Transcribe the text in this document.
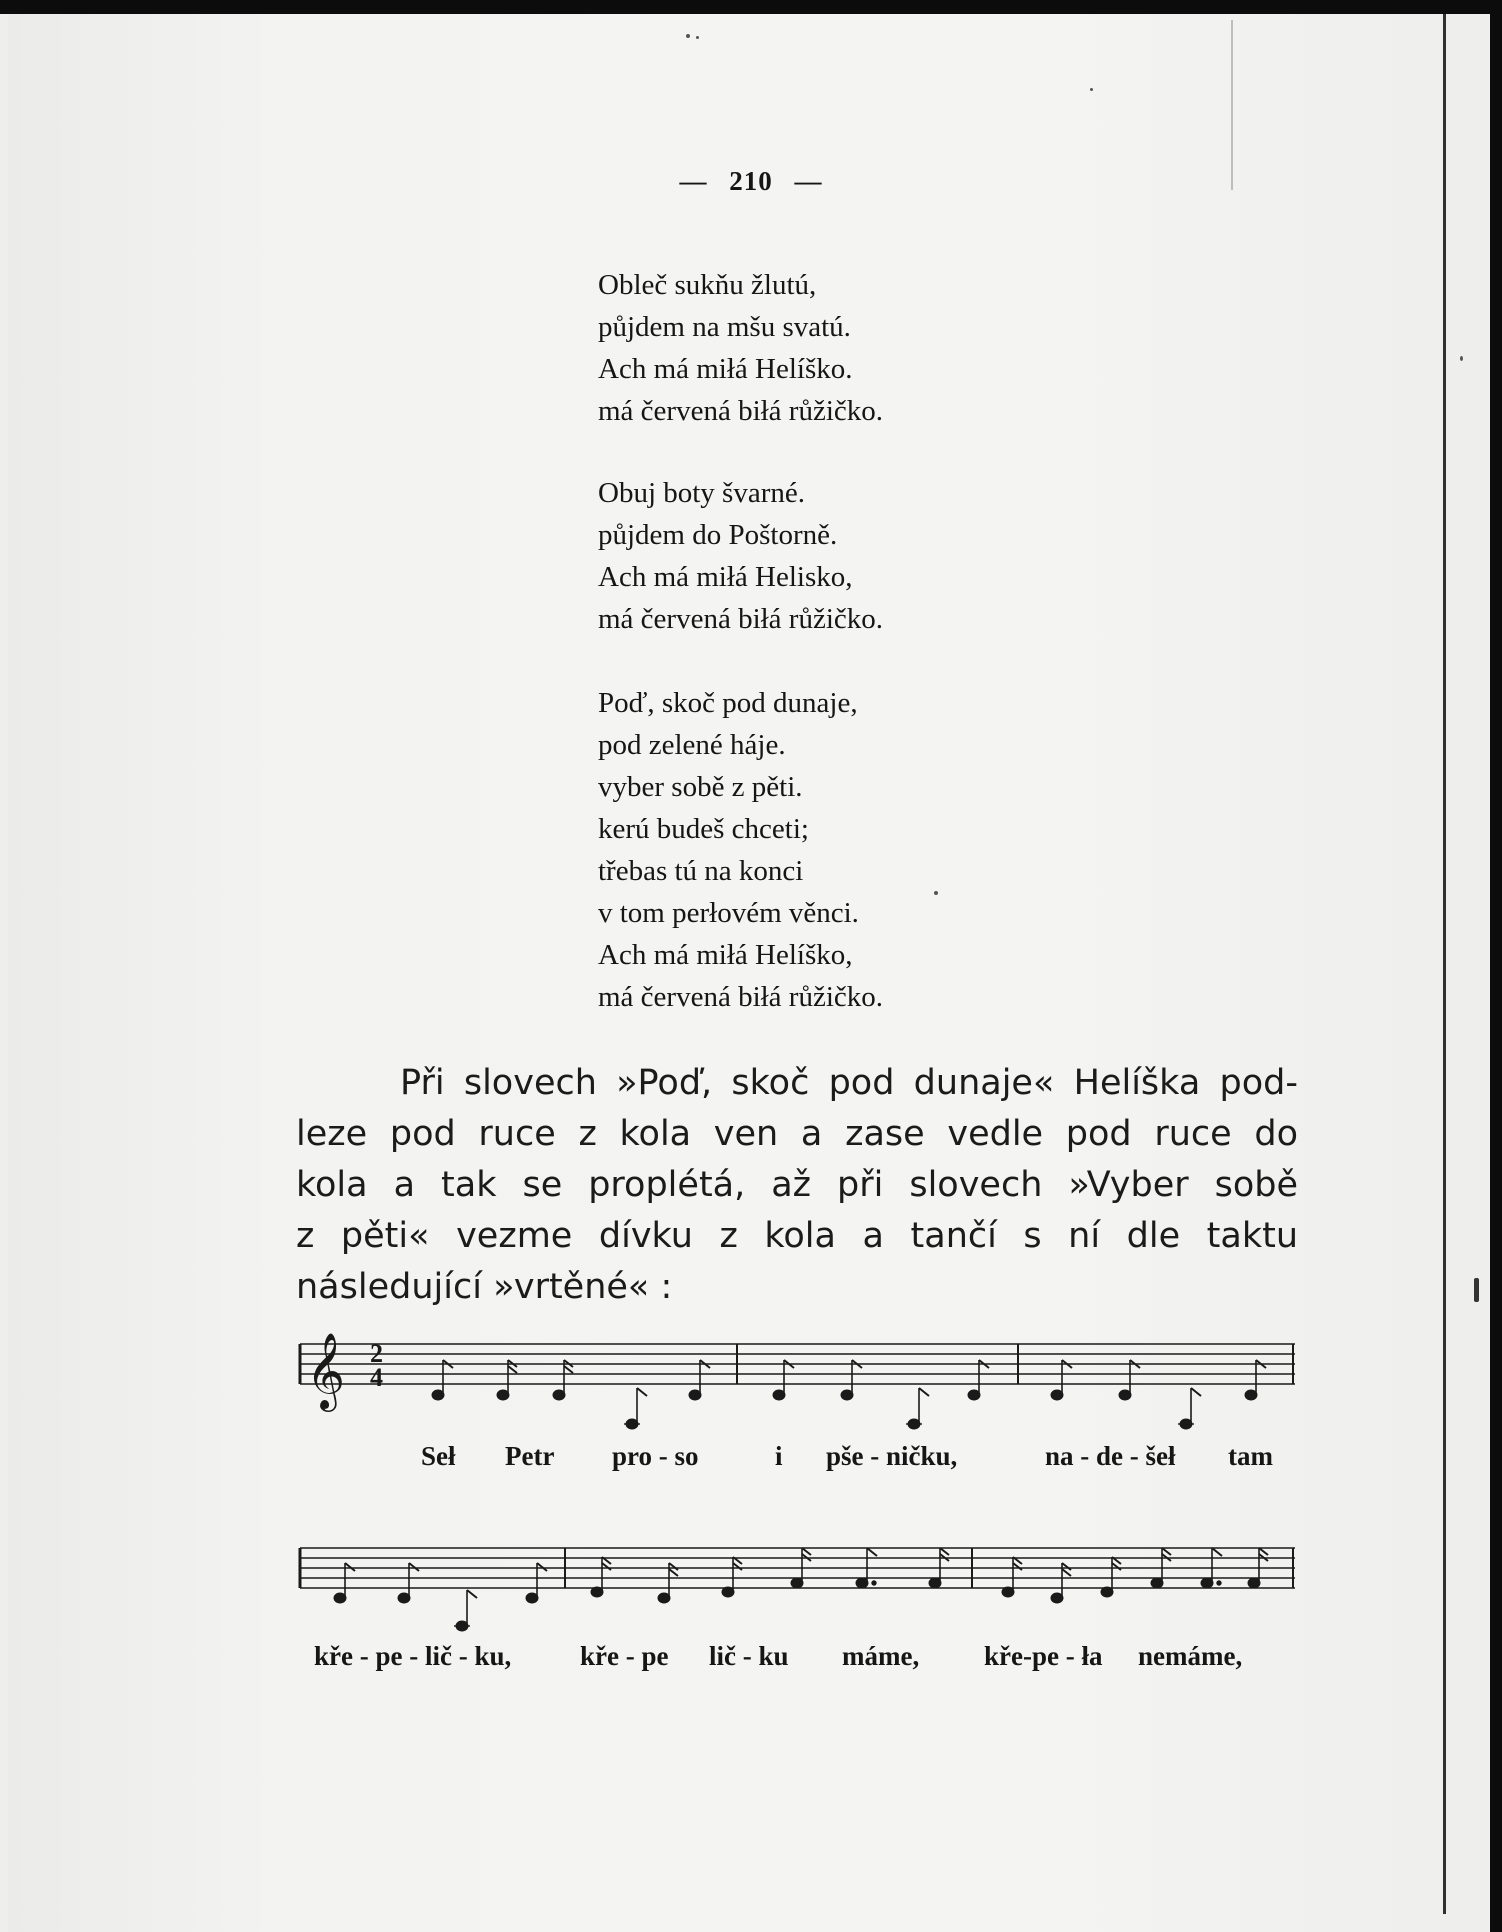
— 210 —
Obleč sukňu žlutú,
půjdem na mšu svatú.
Ach má miłá Helíško.
má červená biłá růžičko.
Obuj boty švarné.
půjdem do Poštorně.
Ach má miłá Helisko,
má červená biłá růžičko.
Poď, skoč pod dunaje,
pod zelené háje.
vyber sobě z pěti.
kerú budeš chceti;
třebas tú na konci
v tom perłovém věnci.
Ach má miłá Helíško,
má červená biłá růžičko.
Při slovech »Poď, skoč pod dunaje« Helíška pod-
leze pod ruce z kola ven a zase vedle pod ruce do
kola a tak se proplétá, až při slovech »Vyber sobě
z pěti« vezme dívku z kola a tančí s ní dle taktu
následující »vrtěné« :
𝄞 2
4
Seł Petr pro - so	i pše - ničku,	na - de - šeł tam
kře - pe - lič - ku,	kře - pe lič - ku máme, kře-pe - ła nemáme,
